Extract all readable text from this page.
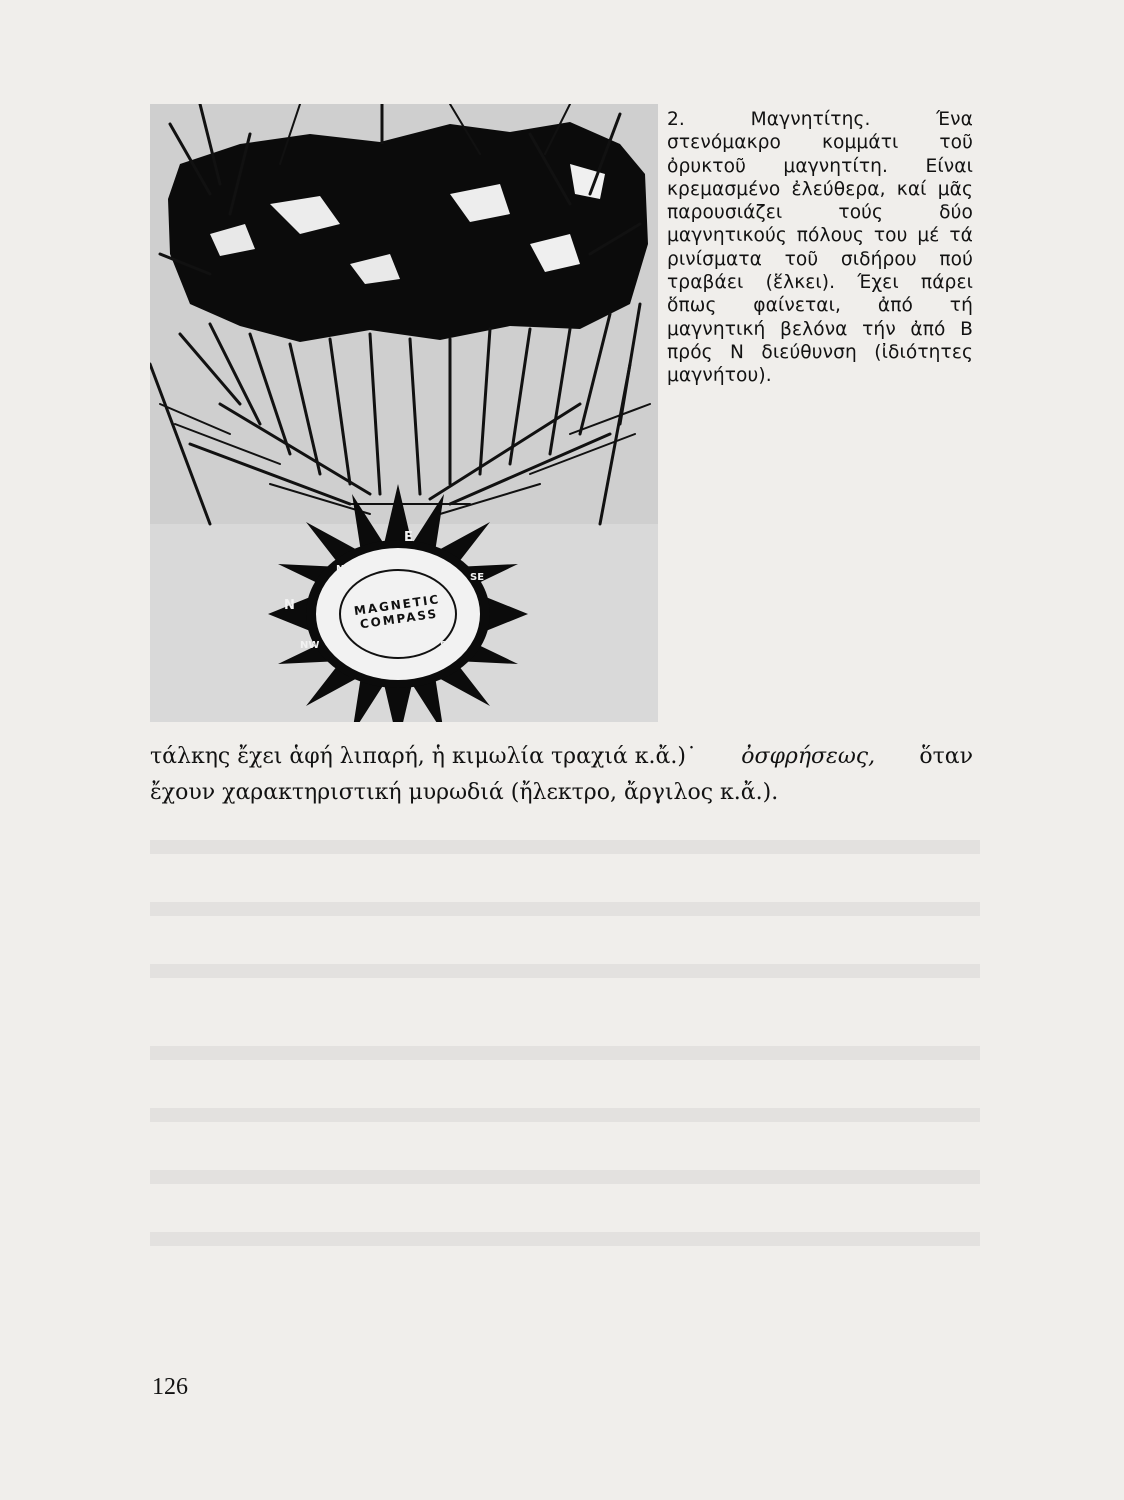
MAGNETIC COMPASS
N
NE
E
SE
S
SW
W
NW
2. Μαγνητίτης. Ένα στενόμακρο κομμάτι τοῦ ὀρυκτοῦ μαγνητίτη. Είναι κρεμασμένο ἐλεύθερα, καί μᾶς παρουσιάζει τούς δύο μαγνητικούς πόλους του μέ τά ρινίσματα τοῦ σιδήρου πού τραβάει (ἕλκει). Έχει πάρει ὅπως φαίνεται, ἀπό τή μαγνητική βελόνα τήν ἀπό Β πρός Ν διεύθυνση (ἰδιότητες μαγνήτου).
τάλκης ἔχει ἁφή λιπαρή, ἡ κιμωλία τραχιά κ.ἄ.)˙ ὀσφρήσεως, ὅταν
ἔχουν χαρακτηριστική μυρωδιά (ἤλεκτρο, ἄργιλος κ.ἄ.).
126
